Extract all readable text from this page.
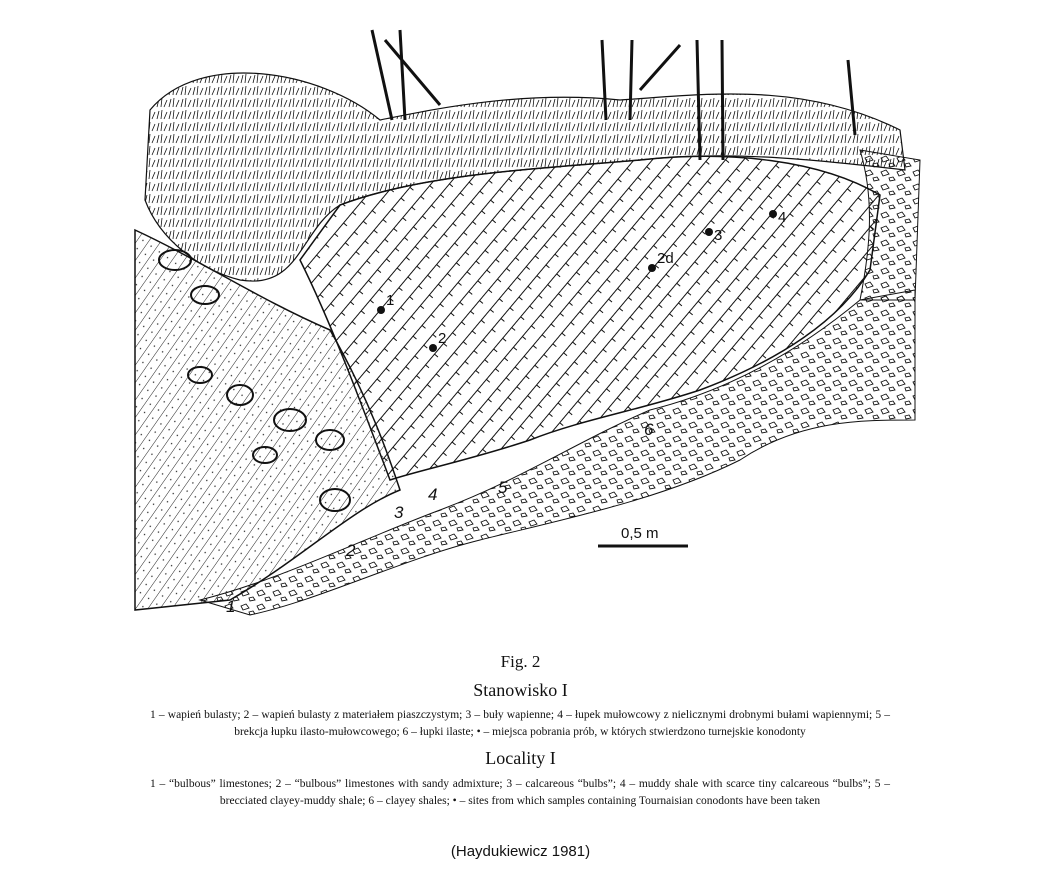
1
2
3
4	5
6
1
2
2d
3
4
0,5 m
Fig. 2
Stanowisko I
1 – wapień bulasty; 2 – wapień bulasty z materiałem piaszczystym; 3 – buły wapienne; 4 – łupek mułowcowy z nielicznymi drobnymi bułami wapiennymi; 5 – brekcja łupku ilasto-mułowcowego; 6 – łupki ilaste; • – miejsca pobrania prób, w których stwierdzono turnejskie konodonty
Locality I
1 – “bulbous” limestones; 2 – “bulbous” limestones with sandy admixture; 3 – calcareous “bulbs”; 4 – muddy shale with scarce tiny calcareous “bulbs”; 5 – brecciated clayey-muddy shale; 6 – clayey shales; • – sites from which samples containing Tournaisian conodonts have been taken
(Haydukiewicz 1981)
